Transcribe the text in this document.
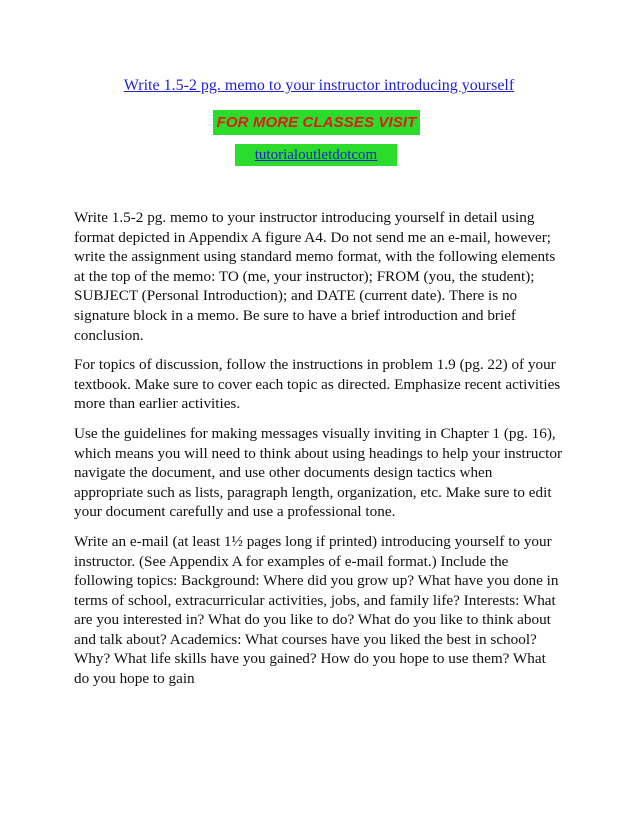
Write 1.5-2 pg. memo to your instructor introducing yourself
FOR MORE CLASSES VISIT
tutorialoutletdotcom

Write 1.5-2 pg. memo to your instructor introducing yourself in detail using format depicted in Appendix A figure A4. Do not send me an e-mail, however; write the assignment using standard memo format, with the following elements at the top of the memo: TO (me, your instructor); FROM (you, the student); SUBJECT (Personal Introduction); and DATE (current date). There is no signature block in a memo. Be sure to have a brief introduction and brief conclusion.

For topics of discussion, follow the instructions in problem 1.9 (pg. 22) of your textbook. Make sure to cover each topic as directed. Emphasize recent activities more than earlier activities.

Use the guidelines for making messages visually inviting in Chapter 1 (pg. 16), which means you will need to think about using headings to help your instructor navigate the document, and use other documents design tactics when appropriate such as lists, paragraph length, organization, etc. Make sure to edit your document carefully and use a professional tone.

Write an e-mail (at least 1½ pages long if printed) introducing yourself to your instructor. (See Appendix A for examples of e-mail format.) Include the following topics: Background: Where did you grow up? What have you done in terms of school, extracurricular activities, jobs, and family life? Interests: What are you interested in? What do you like to do? What do you like to think about and talk about? Academics: What courses have you liked the best in school? Why? What life skills have you gained? How do you hope to use them? What do you hope to gain
